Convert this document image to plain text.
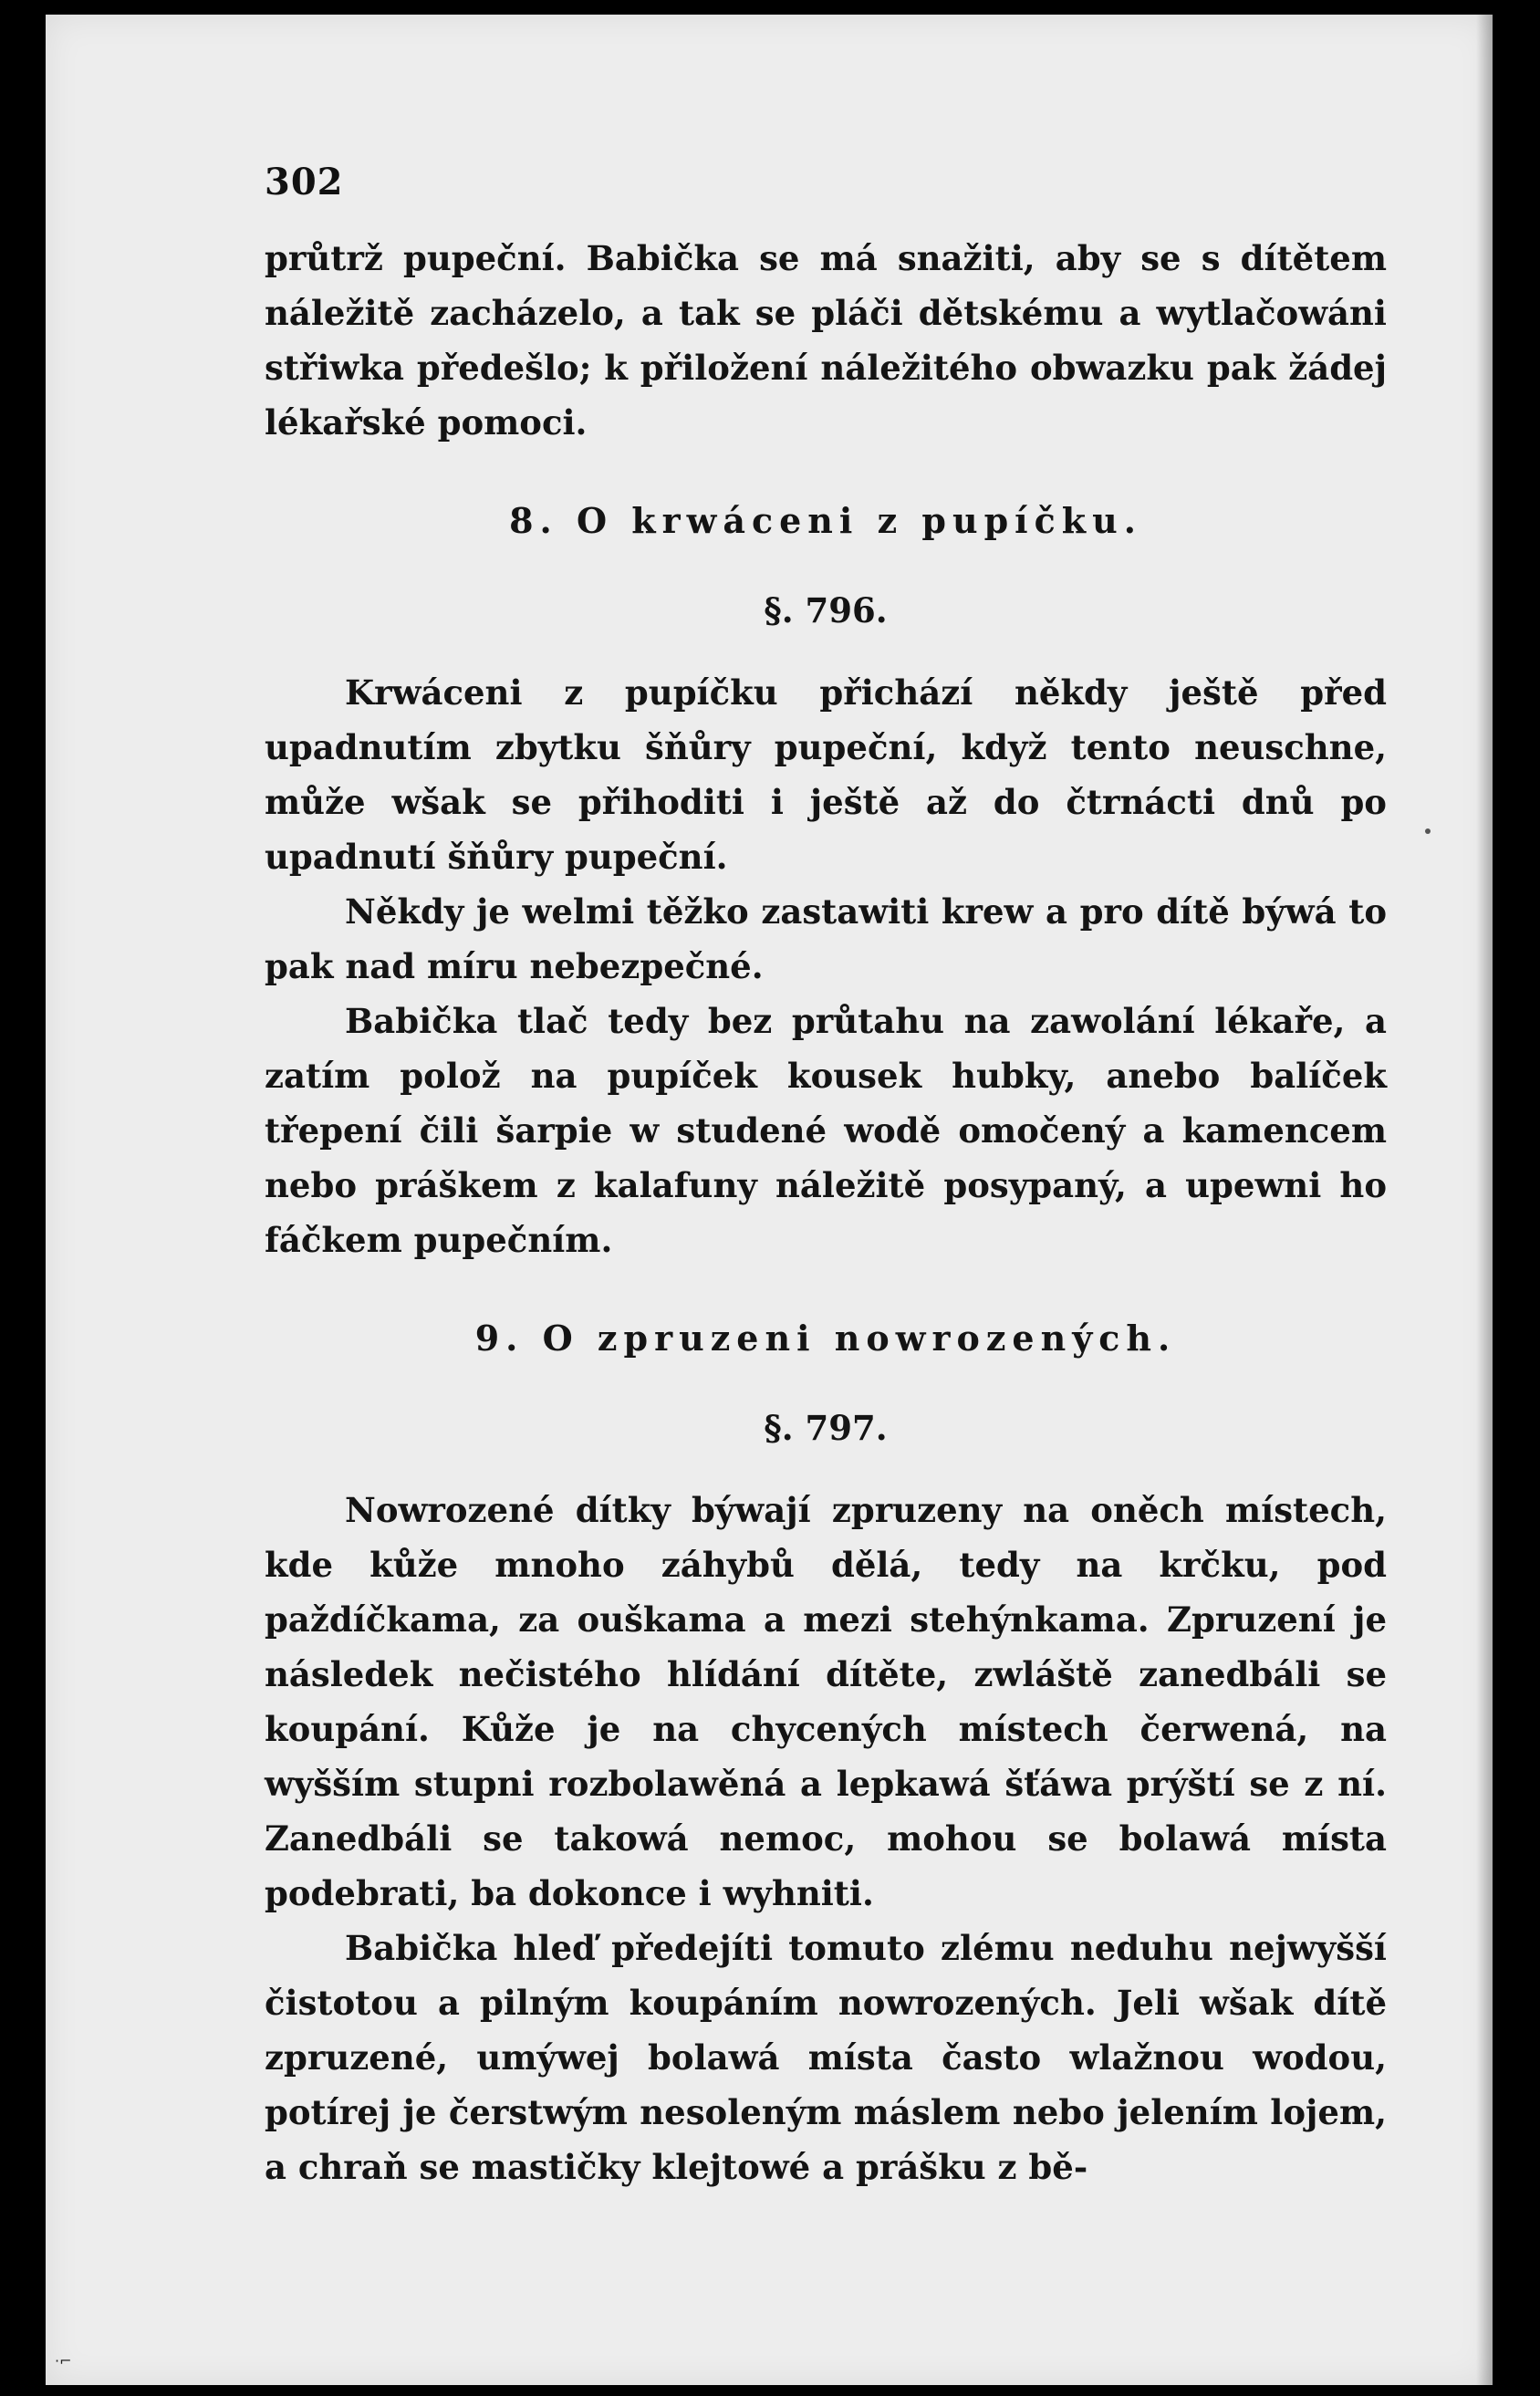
302

průtrž pupeční. Babička se má snažiti, aby se s dítětem náležitě zacházelo, a tak se pláči dětskému a wytlačowáni střiwka předešlo; k přiložení náležitého obwazku pak žádej lékařské pomoci.

8. O krwáceni z pupíčku.

§. 796.

Krwáceni z pupíčku přichází někdy ještě před upadnutím zbytku šňůry pupeční, když tento neuschne, může wšak se přihoditi i ještě až do čtrnácti dnů po upadnutí šňůry pupeční.

Někdy je welmi těžko zastawiti krew a pro dítě býwá to pak nad míru nebezpečné.

Babička tlač tedy bez průtahu na zawolání lékaře, a zatím polož na pupíček kousek hubky, anebo balíček třepení čili šarpie w studené wodě omočený a kamencem nebo práškem z kalafuny náležitě posypaný, a upewni ho fáčkem pupečním.

9. O zpruzeni nowrozených.

§. 797.

Nowrozené dítky býwají zpruzeny na oněch místech, kde kůže mnoho záhybů dělá, tedy na krčku, pod paždíčkama, za ouškama a mezi stehýnkama. Zpruzení je následek nečistého hlídání dítěte, zwláště zanedbáli se koupání. Kůže je na chycených místech čerwená, na wyšším stupni rozbolawěná a lepkawá šťáwa prýští se z ní. Zanedbáli se takowá nemoc, mohou se bolawá místa podebrati, ba dokonce i wyhniti.

Babička hleď předejíti tomuto zlému neduhu nejwyšší čistotou a pilným koupáním nowrozených. Jeli wšak dítě zpruzené, umýwej bolawá místa často wlažnou wodou, potírej je čerstwým nesoleným máslem nebo jelením lojem, a chraň se mastičky klejtowé a prášku z bě-

·⌐
